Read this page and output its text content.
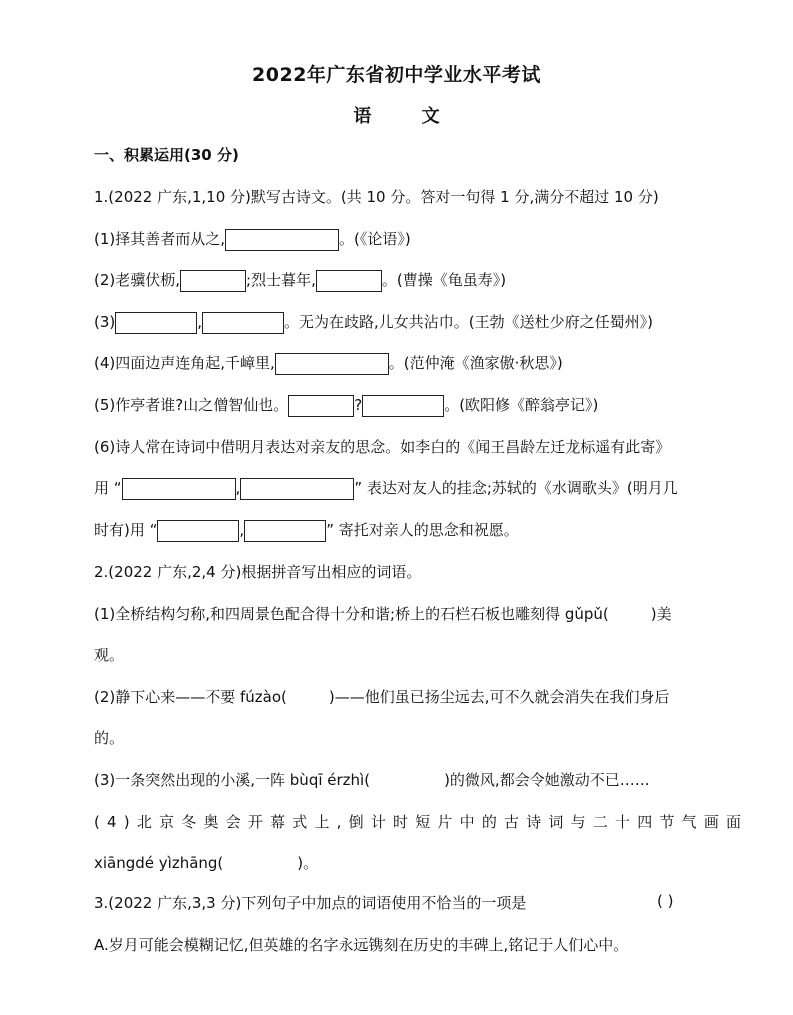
2022年广东省初中学业水平考试
语 文
一、积累运用(30 分)
1.(2022 广东,1,10 分)默写古诗文。(共 10 分。答对一句得 1 分,满分不超过 10 分)
(1)择其善者而从之,	。(《论语》)
(2)老骥伏枥,	;烈士暮年,	。(曹操《龟虽寿》)
(3)	,	。无为在歧路,儿女共沾巾。(王勃《送杜少府之任蜀州》)
(4)四面边声连角起,千嶂里,	。(范仲淹《渔家傲·秋思》)
(5)作亭者谁?山之僧智仙也。	?	。(欧阳修《醉翁亭记》)
(6)诗人常在诗词中借明月表达对亲友的思念。如李白的《闻王昌龄左迁龙标遥有此寄》
用 “	,	” 表达对友人的挂念;苏轼的《水调歌头》(明月几
时有)用 “	,	” 寄托对亲人的思念和祝愿。
2.(2022 广东,2,4 分)根据拼音写出相应的词语。
(1)全桥结构匀称,和四周景色配合得十分和谐;桥上的石栏石板也雕刻得 gǔpǔ(	)美
观。
(2)静下心来——不要 fúzào(	)——他们虽已扬尘远去,可不久就会消失在我们身后
的。
(3)一条突然出现的小溪,一阵 bùqī érzhì(	)的微风,都会令她激动不已……
(4)北京冬奥会开幕式上,倒计时短片中的古诗词与二十四节气画面
xiāngdé yìzhāng(	)。
3.(2022 广东,3,3 分)下列句子中加点的词语使用不恰当的一项是	( )
A.岁月可能会模糊记忆,但英雄的名字永远镌刻在历史的丰碑上,铭记于人们心中。
